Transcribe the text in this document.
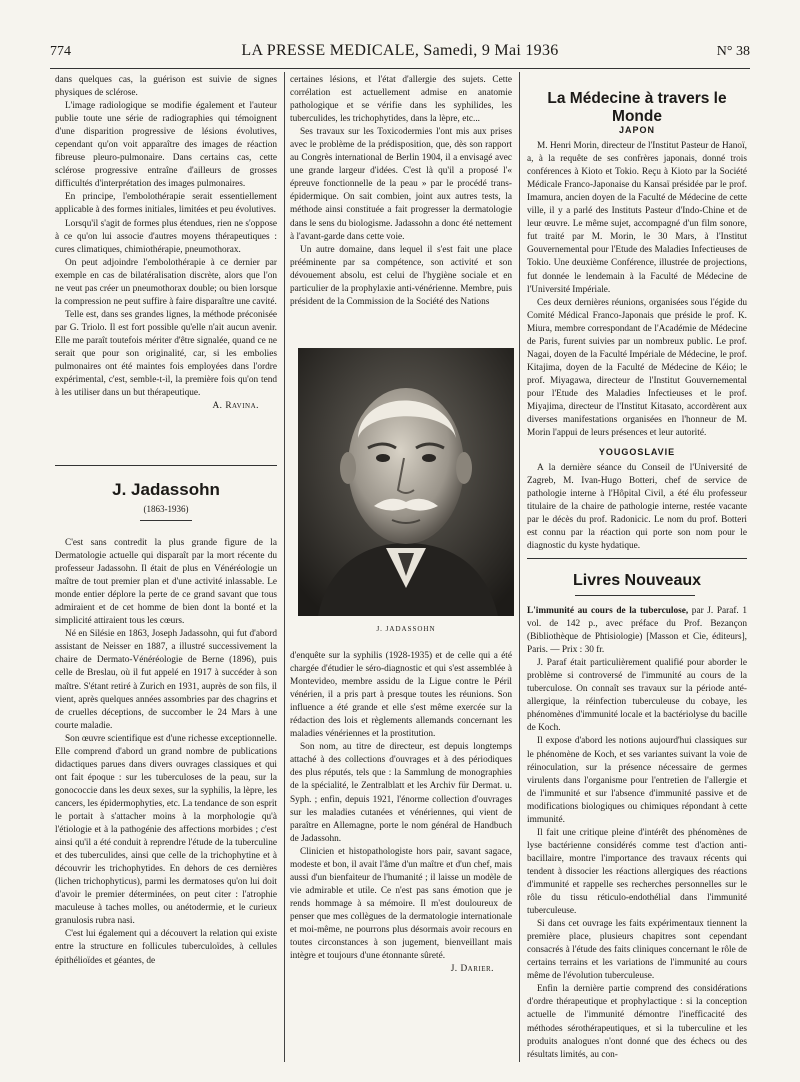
774	LA PRESSE MEDICALE, Samedi, 9 Mai 1936	N° 38

dans quelques cas, la guérison est suivie de signes physiques de sclérose.

L'image radiologique se modifie également et l'auteur publie toute une série de radiographies qui témoignent d'une disparition progressive de lésions évolutives, cependant qu'on voit apparaître des images de réaction fibreuse pleuro-pulmonaire. Dans certains cas, cette sclérose progressive entraîne d'ailleurs de grosses difficultés d'interprétation des images pulmonaires.

En principe, l'embolothérapie serait essentiellement applicable à des formes initiales, limitées et peu évolutives.

Lorsqu'il s'agit de formes plus étendues, rien ne s'oppose à ce qu'on lui associe d'autres moyens thérapeutiques : cures climatiques, chimiothérapie, pneumothorax.

On peut adjoindre l'embolothérapie à ce dernier par exemple en cas de bilatéralisation discrète, alors que l'on ne veut pas créer un pneumothorax double; ou bien lorsque la compression ne peut suffire à faire disparaître une cavité.

Telle est, dans ses grandes lignes, la méthode préconisée par G. Triolo. Il est fort possible qu'elle n'ait aucun avenir. Elle me paraît toutefois mériter d'être signalée, quand ce ne serait que pour son originalité, car, si les embolies pulmonaires ont été maintes fois employées dans l'ordre expérimental, c'est, semble-t-il, la première fois qu'on tend à les utiliser dans un but thérapeutique.

A. Ravina.

J. Jadassohn
(1863-1936)

C'est sans contredit la plus grande figure de la Dermatologie actuelle qui disparaît par la mort récente du professeur Jadassohn. Il était de plus en Vénéréologie un maître de tout premier plan et d'une activité inlassable. Le monde entier déplore la perte de ce grand savant que tous admiraient et de cet homme de bien dont la bonté et la simplicité attiraient tous les cœurs.

Né en Silésie en 1863, Joseph Jadassohn, qui fut d'abord assistant de Neisser en 1887, a illustré successivement la chaire de Dermato-Vénéréologie de Berne (1896), puis celle de Breslau, où il fut appelé en 1917 à succéder à son maître. S'étant retiré à Zurich en 1931, auprès de son fils, il vient, après quelques années assombries par des chagrins et de cruelles déceptions, de succomber le 24 Mars à une courte maladie.

Son œuvre scientifique est d'une richesse exceptionnelle. Elle comprend d'abord un grand nombre de publications didactiques parues dans divers ouvrages classiques et qui ont fait époque : sur les tuberculoses de la peau, sur la gonococcie dans les deux sexes, sur la syphilis, la lèpre, les cancers, les épidermophyties, etc. La tendance de son esprit le portait à s'attacher moins à la morphologie qu'à l'étiologie et à la pathogénie des affections morbides ; c'est ainsi qu'il a été conduit à reprendre l'étude de la tuberculine et des tuberculides, ainsi que celle de la trichophytine et à découvrir les trichophytides. En dehors de ces dernières (lichen trichophyticus), parmi les dermatoses qu'on lui doit d'avoir le premier déterminées, on peut citer : l'atrophie maculeuse à taches molles, ou anétodermie, et le curieux granulosis rubra nasi.

C'est lui également qui a découvert la relation qui existe entre la structure en follicules tuberculoïdes, à cellules épithélioïdes et géantes, de

certaines lésions, et l'état d'allergie des sujets. Cette corrélation est actuellement admise en anatomie pathologique et se vérifie dans les syphilides, les tuberculides, les trichophytides, dans la lèpre, etc...

Ses travaux sur les Toxicodermies l'ont mis aux prises avec le problème de la prédisposition, que, dès son rapport au Congrès international de Berlin 1904, il a envisagé avec une grande largeur d'idées. C'est là qu'il a proposé l'« épreuve fonctionnelle de la peau » par le procédé trans-épidermique. On sait combien, joint aux autres tests, la méthode ainsi constituée a fait progresser la dermatologie dans le sens du biologisme. Jadassohn a donc été nettement à l'avant-garde dans cette voie.

Un autre domaine, dans lequel il s'est fait une place prééminente par sa compétence, son activité et son dévouement absolu, est celui de l'hygiène sociale et en particulier de la prophylaxie anti-vénérienne. Membre, puis président de la Commission de la Société des Nations

J. JADASSOHN

d'enquête sur la syphilis (1928-1935) et de celle qui a été chargée d'étudier le séro-diagnostic et qui s'est assemblée à Montevideo, membre assidu de la Ligue contre le Péril vénérien, il a pris part à presque toutes les réunions. Son influence a été grande et elle s'est même exercée sur la rédaction des lois et règlements allemands concernant les maladies vénériennes et la prostitution.

Son nom, au titre de directeur, est depuis longtemps attaché à des collections d'ouvrages et à des périodiques des plus réputés, tels que : la Sammlung de monographies de la spécialité, le Zentralblatt et les Archiv für Dermat. u. Syph. ; enfin, depuis 1921, l'énorme collection d'ouvrages sur les maladies cutanées et vénériennes, qui vient de paraître en Allemagne, porte le nom général de Handbuch de Jadassohn.

Clinicien et histopathologiste hors pair, savant sagace, modeste et bon, il avait l'âme d'un maître et d'un chef, mais aussi d'un bienfaiteur de l'humanité ; il laisse un modèle de vie admirable et utile. Ce n'est pas sans émotion que je rends hommage à sa mémoire. Il m'est douloureux de penser que mes collègues de la dermatologie internationale et moi-même, ne pourrons plus désormais avoir recours en toutes circonstances à son jugement, bienveillant mais intègre et toujours d'une étonnante sûreté.

J. Darier.

La Médecine à travers le Monde
JAPON

M. Henri Morin, directeur de l'Institut Pasteur de Hanoï, a, à la requête de ses confrères japonais, donné trois conférences à Kioto et Tokio. Reçu à Kioto par la Société Médicale Franco-Japonaise du Kansaï présidée par le prof. Imamura, ancien doyen de la Faculté de Médecine de cette ville, il y a parlé des Instituts Pasteur d'Indo-Chine et de leur œuvre. Le même sujet, accompagné d'un film sonore, fut traité par M. Morin, le 30 Mars, à l'Institut Gouvernemental pour l'Etude des Maladies Infectieuses de Tokio. Une deuxième Conférence, illustrée de projections, fut donnée le lendemain à la Faculté de Médecine de l'Université Impériale.

Ces deux dernières réunions, organisées sous l'égide du Comité Médical Franco-Japonais que préside le prof. K. Miura, membre correspondant de l'Académie de Médecine de Paris, furent suivies par un nombreux public. Le prof. Nagai, doyen de la Faculté Impériale de Médecine, le prof. Kitajima, doyen de la Faculté de Médecine de Kéio; le prof. Miyagawa, directeur de l'Institut Gouvernemental pour l'Etude des Maladies Infectieuses et le prof. Miyajima, directeur de l'Institut Kitasato, accordèrent aux diverses manifestations organisées en l'honneur de M. Morin l'appui de leurs présences et leur autorité.

YOUGOSLAVIE

A la dernière séance du Conseil de l'Université de Zagreb, M. Ivan-Hugo Botteri, chef de service de pathologie interne à l'Hôpital Civil, a été élu professeur titulaire de la chaire de pathologie interne, restée vacante par le décès du prof. Radonicic. Le nom du prof. Botteri est connu par la réaction qui porte son nom pour le diagnostic du kyste hydatique.

Livres Nouveaux

L'immunité au cours de la tuberculose, par J. Paraf. 1 vol. de 142 p., avec préface du Prof. Bezançon (Bibliothèque de Phtisiologie) [Masson et Cie, éditeurs], Paris. — Prix : 30 fr.

J. Paraf était particulièrement qualifié pour aborder le problème si controversé de l'immunité au cours de la tuberculose. On connaît ses travaux sur la période anté-allergique, la réinfection tuberculeuse du cobaye, les phénomènes d'immunité locale et la bactériolyse du bacille de Koch.

Il expose d'abord les notions aujourd'hui classiques sur le phénomène de Koch, et ses variantes suivant la voie de réinoculation, sur la présence nécessaire de germes virulents dans l'organisme pour l'entretien de l'allergie et de l'immunité et sur l'absence d'immunité passive et de modifications biologiques ou chimiques répondant à cette immunité.

Il fait une critique pleine d'intérêt des phénomènes de lyse bactérienne considérés comme test d'action anti-bacillaire, montre l'importance des travaux récents qui tendent à dissocier les réactions allergiques des réactions d'immunité et rappelle ses recherches personnelles sur le rôle du tissu réticulo-endothélial dans l'immunité tuberculeuse.

Si dans cet ouvrage les faits expérimentaux tiennent la première place, plusieurs chapitres sont cependant consacrés à l'étude des faits cliniques concernant le rôle de certains terrains et les variations de l'immunité au cours même de l'évolution tuberculeuse.

Enfin la dernière partie comprend des considérations d'ordre thérapeutique et prophylactique : si la conception actuelle de l'immunité démontre l'inefficacité des méthodes sérothérapeutiques, et si la tuberculine et les produits analogues n'ont donné que des échecs ou des résultats limités, au con-
